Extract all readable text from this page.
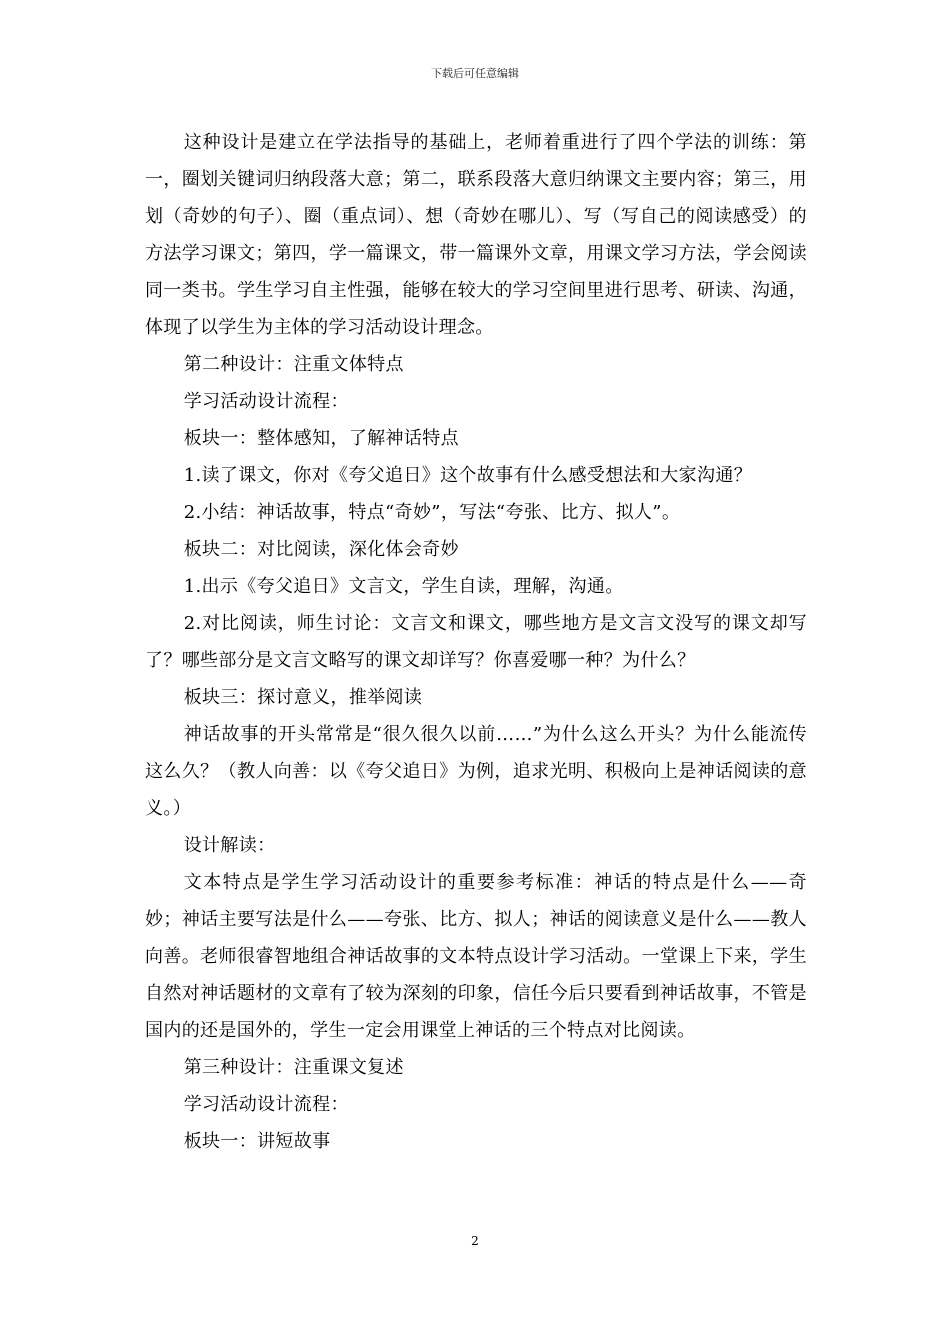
下载后可任意编辑

这种设计是建立在学法指导的基础上，老师着重进行了四个学法的训练：第一，圈划关键词归纳段落大意；第二，联系段落大意归纳课文主要内容；第三，用划（奇妙的句子）、圈（重点词）、想（奇妙在哪儿）、写（写自己的阅读感受）的方法学习课文；第四，学一篇课文，带一篇课外文章，用课文学习方法，学会阅读同一类书。学生学习自主性强，能够在较大的学习空间里进行思考、研读、沟通，体现了以学生为主体的学习活动设计理念。

第二种设计：注重文体特点

学习活动设计流程：

板块一：整体感知，了解神话特点

1.读了课文，你对《夸父追日》这个故事有什么感受想法和大家沟通？

2.小结：神话故事，特点“奇妙”，写法“夸张、比方、拟人”。

板块二：对比阅读，深化体会奇妙

1.出示《夸父追日》文言文，学生自读，理解，沟通。

2.对比阅读，师生讨论：文言文和课文，哪些地方是文言文没写的课文却写了？哪些部分是文言文略写的课文却详写？你喜爱哪一种？为什么？

板块三：探讨意义，推举阅读

神话故事的开头常常是“很久很久以前……”为什么这么开头？为什么能流传这么久？（教人向善：以《夸父追日》为例，追求光明、积极向上是神话阅读的意义。）

设计解读：

文本特点是学生学习活动设计的重要参考标准：神话的特点是什么——奇妙；神话主要写法是什么——夸张、比方、拟人；神话的阅读意义是什么——教人向善。老师很睿智地组合神话故事的文本特点设计学习活动。一堂课上下来，学生自然对神话题材的文章有了较为深刻的印象，信任今后只要看到神话故事，不管是国内的还是国外的，学生一定会用课堂上神话的三个特点对比阅读。

第三种设计：注重课文复述

学习活动设计流程：

板块一：讲短故事

2
